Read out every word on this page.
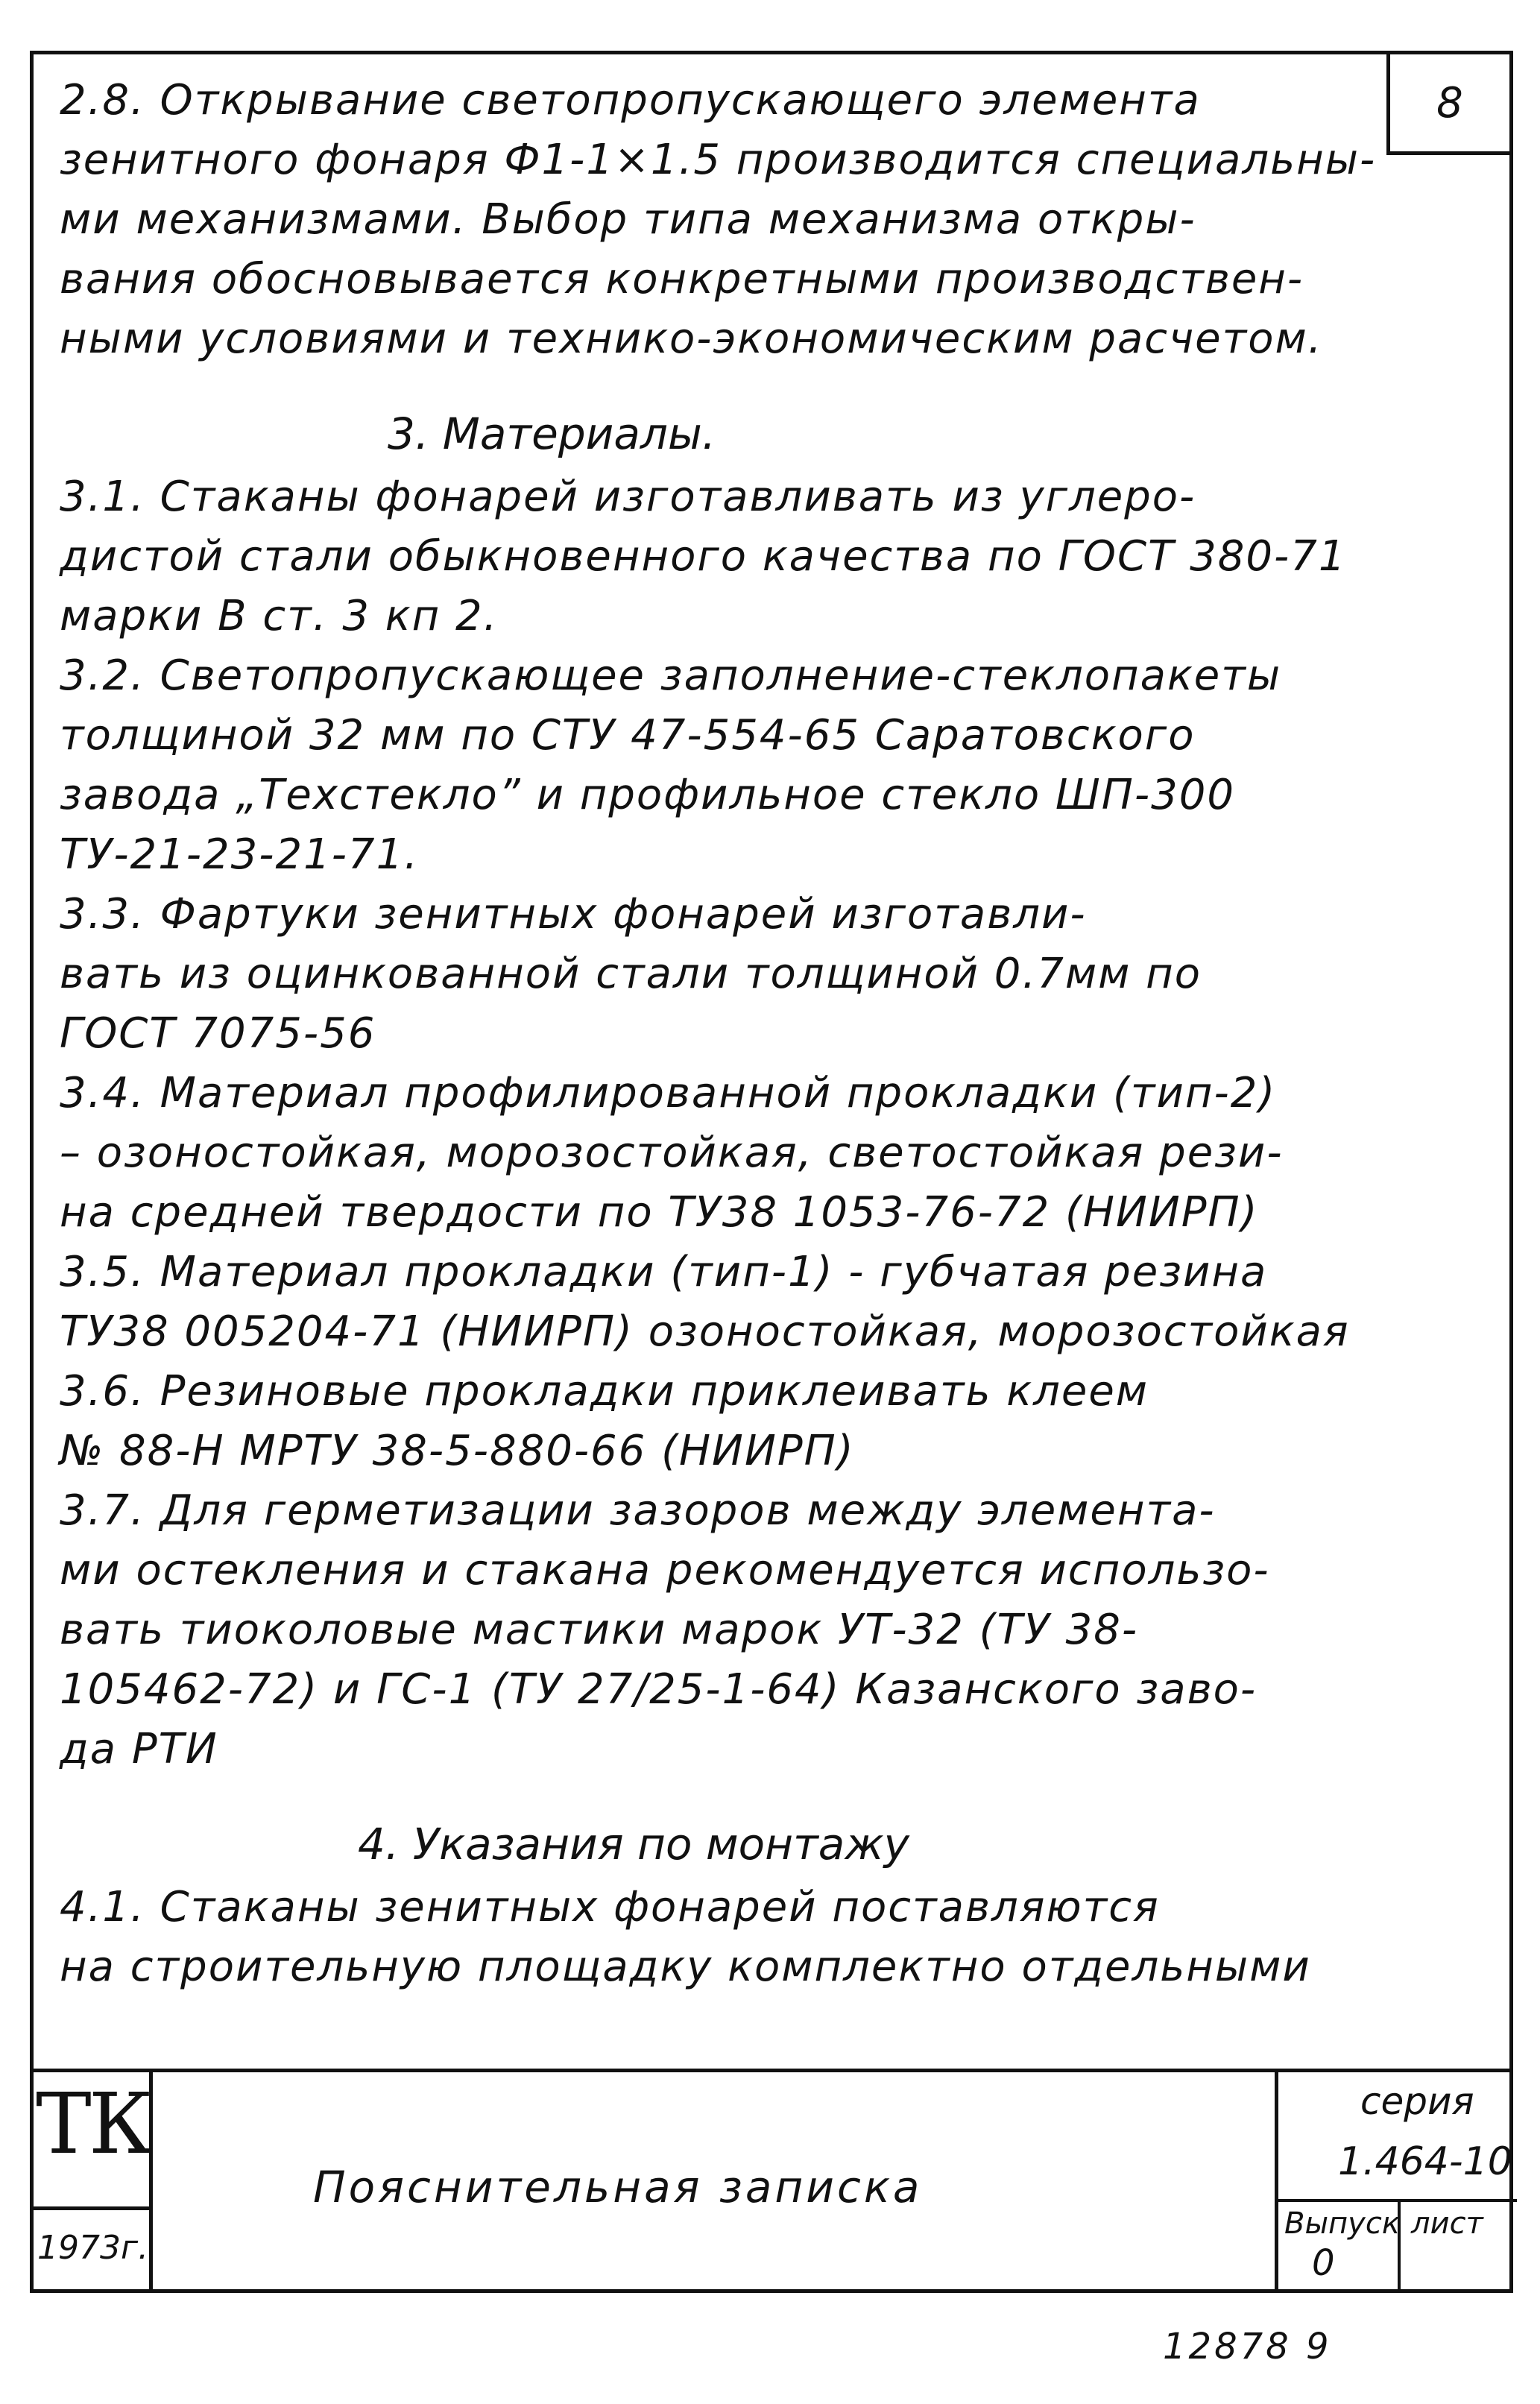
8
2.8. Открывание светопропускающего элемента
зенитного фонаря Ф1-1×1.5 производится специальны-
ми механизмами. Выбор типа механизма откры-
вания обосновывается конкретными производствен-
ными условиями и технико-экономическим расчетом.
3. Материалы.
3.1. Стаканы фонарей изготавливать из углеро-
дистой стали обыкновенного качества по ГОСТ 380-71
марки В ст. 3 кп 2.
3.2. Светопропускающее заполнение-стеклопакеты
толщиной 32 мм по СТУ 47-554-65 Саратовского
завода „Техстекло” и профильное стекло ШП-300
ТУ-21-23-21-71.
3.3. Фартуки зенитных фонарей изготавли-
вать из оцинкованной стали толщиной 0.7мм по
ГОСТ 7075-56
3.4. Материал профилированной прокладки (тип-2)
– озоностойкая, морозостойкая, светостойкая рези-
на средней твердости по ТУ38 1053-76-72 (НИИРП)
3.5. Материал прокладки (тип-1) - губчатая резина
ТУ38 005204-71 (НИИРП) озоностойкая, морозостойкая
3.6. Резиновые прокладки приклеивать клеем
№ 88-Н МРТУ 38-5-880-66 (НИИРП)
3.7. Для герметизации зазоров между элемента-
ми остекления и стакана рекомендуется использо-
вать тиоколовые мастики марок УТ-32 (ТУ 38-
105462-72) и ГС-1 (ТУ 27/25-1-64) Казанского заво-
да РТИ
4. Указания по монтажу
4.1. Стаканы зенитных фонарей поставляются
на строительную площадку комплектно отдельными
ТК
1973г.
Пояснительная записка
серия
1.464-10
Выпуск лист
0
12878 9
